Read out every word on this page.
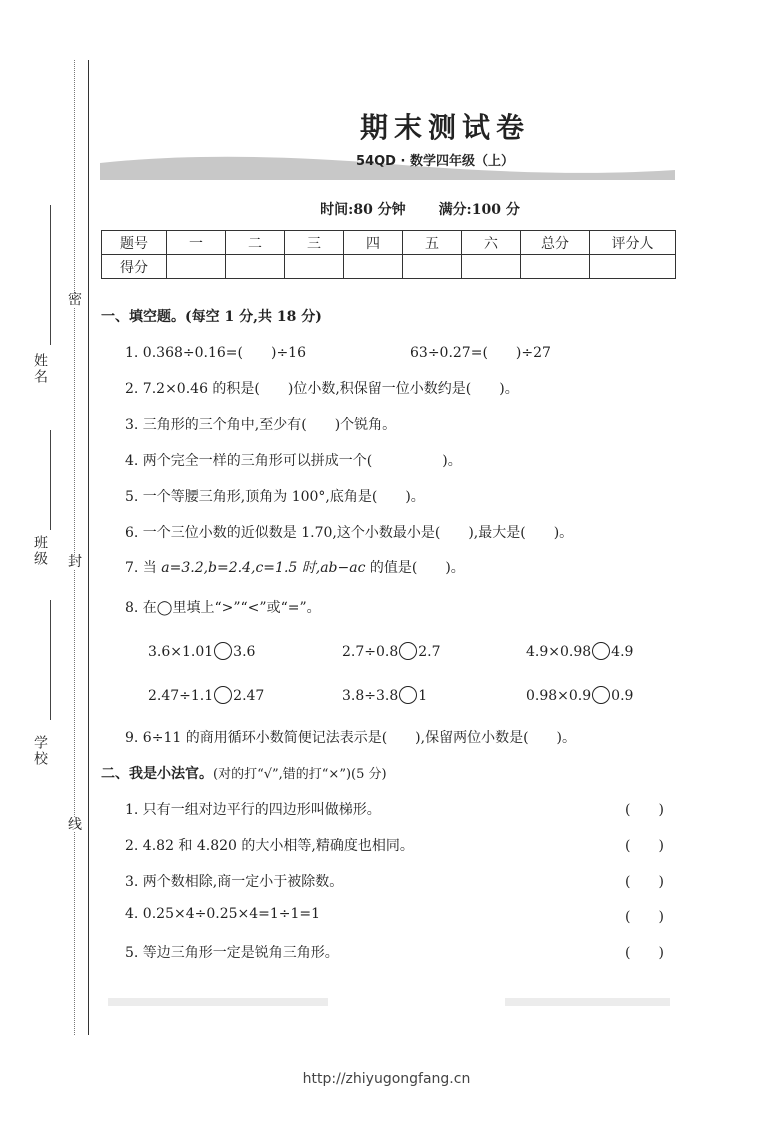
密
封
线
姓名
班级
学校
期末测试卷
54QD · 数学四年级（上）
时间:80 分钟 满分:100 分
题号	一	二	三	四	五	六	总分	评分人
得分								
一、填空题。(每空 1 分,共 18 分)
1. 0.368÷0.16=(　　)÷16	63÷0.27=(　　)÷27
2. 7.2×0.46 的积是(　　)位小数,积保留一位小数约是(　　)。
3. 三角形的三个角中,至少有(　　)个锐角。
4. 两个完全一样的三角形可以拼成一个(　　　　　)。
5. 一个等腰三角形,顶角为 100°,底角是(　　)。
6. 一个三位小数的近似数是 1.70,这个小数最小是(　　),最大是(　　)。
7. 当 a=3.2,b=2.4,c=1.5 时,ab−ac 的值是(　　)。
8. 在◯里填上“>”“<”或“=”。
3.6×1.01 3.6	2.7÷0.8 2.7	4.9×0.98 4.9
2.47÷1.1 2.47	3.8÷3.8 1	0.98×0.9 0.9
9. 6÷11 的商用循环小数简便记法表示是(　　),保留两位小数是(　　)。
二、我是小法官。(对的打“√”,错的打“×”)(5 分)
1. 只有一组对边平行的四边形叫做梯形。	(　　)
2. 4.82 和 4.820 的大小相等,精确度也相同。	(　　)
3. 两个数相除,商一定小于被除数。	(　　)
4. 0.25×4÷0.25×4=1÷1=1	(　　)
5. 等边三角形一定是锐角三角形。	(　　)
http://zhiyugongfang.cn
